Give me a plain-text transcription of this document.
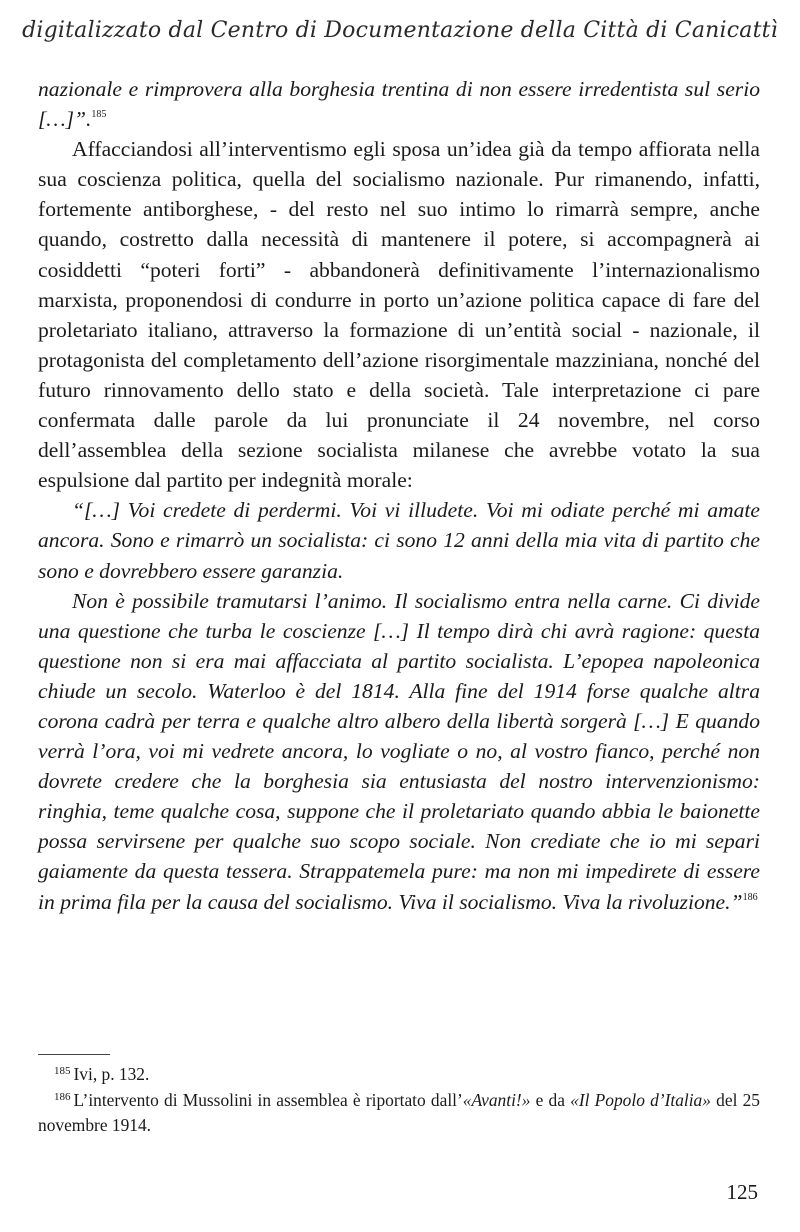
digitalizzato dal Centro di Documentazione della Città di Canicattì

nazionale e rimprovera alla borghesia trentina di non essere irredentista sul serio […]”.$^{185}$

Affacciandosi all’interventismo egli sposa un’idea già da tempo affiorata nella sua coscienza politica, quella del socialismo nazionale. Pur rimanendo, infatti, fortemente antiborghese, - del resto nel suo intimo lo rimarrà sempre, anche quando, costretto dalla necessità di mantenere il potere, si accompagnerà ai cosiddetti “poteri forti” - abbandonerà definitivamente l’internazionalismo marxista, proponendosi di condurre in porto un’azione politica capace di fare del proletariato italiano, attraverso la formazione di un’entità social - nazionale, il protagonista del completamento dell’azione risorgimentale mazziniana, nonché del futuro rinnovamento dello stato e della società. Tale interpretazione ci pare confermata dalle parole da lui pronunciate il 24 novembre, nel corso dell’assemblea della sezione socialista milanese che avrebbe votato la sua espulsione dal partito per indegnità morale:

“[…] Voi credete di perdermi. Voi vi illudete. Voi mi odiate perché mi amate ancora. Sono e rimarrò un socialista: ci sono 12 anni della mia vita di partito che sono e dovrebbero essere garanzia.

Non è possibile tramutarsi l’animo. Il socialismo entra nella carne. Ci divide una questione che turba le coscienze […] Il tempo dirà chi avrà ragione: questa questione non si era mai affacciata al partito socialista. L’epopea napoleonica chiude un secolo. Waterloo è del 1814. Alla fine del 1914 forse qualche altra corona cadrà per terra e qualche altro albero della libertà sorgerà […] E quando verrà l’ora, voi mi vedrete ancora, lo vogliate o no, al vostro fianco, perché non dovrete credere che la borghesia sia entusiasta del nostro intervenzionismo: ringhia, teme qualche cosa, suppone che il proletariato quando abbia le baionette possa servirsene per qualche suo scopo sociale. Non crediate che io mi separi gaiamente da questa tessera. Strappatemela pure: ma non mi impedirete di essere in prima fila per la causa del socialismo. Viva il socialismo. Viva la rivoluzione.”$^{186}$

$^{185}$ Ivi, p. 132.

$^{186}$ L’intervento di Mussolini in assemblea è riportato dall’«Avanti!» e da «Il Popolo d’Italia» del 25 novembre 1914.

125
